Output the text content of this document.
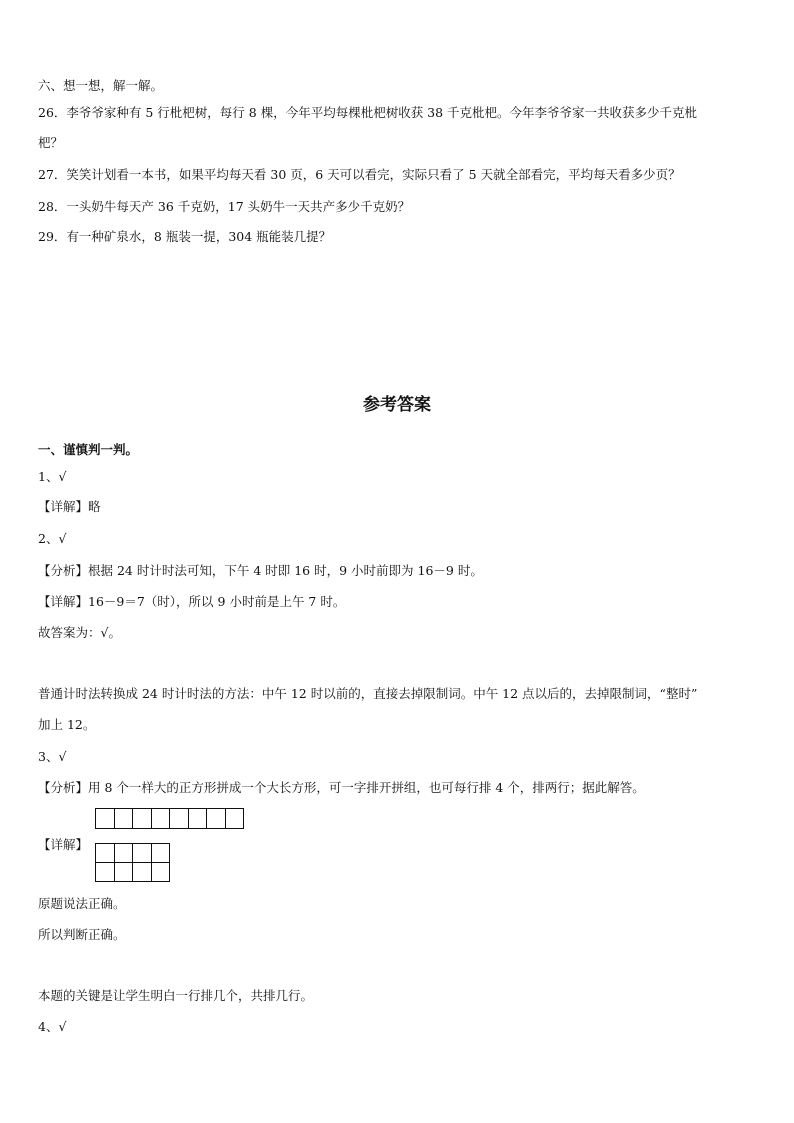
六、想一想，解一解。
26．李爷爷家种有 5 行枇杷树，每行 8 棵，今年平均每棵枇杷树收获 38 千克枇杷。今年李爷爷家一共收获多少千克枇
杷？
27．笑笑计划看一本书，如果平均每天看 30 页，6 天可以看完，实际只看了 5 天就全部看完，平均每天看多少页？
28．一头奶牛每天产 36 千克奶，17 头奶牛一天共产多少千克奶？
29．有一种矿泉水，8 瓶装一提，304 瓶能装几提？
参考答案
一、谨慎判一判。
1、√
【详解】略
2、√
【分析】根据 24 时计时法可知，下午 4 时即 16 时，9 小时前即为 16－9 时。
【详解】16－9＝7（时），所以 9 小时前是上午 7 时。
故答案为：√。
普通计时法转换成 24 时计时法的方法：中午 12 时以前的，直接去掉限制词。中午 12 点以后的，去掉限制词，“整时”
加上 12。
3、√
【分析】用 8 个一样大的正方形拼成一个大长方形，可一字排开拼组，也可每行排 4 个，排两行；据此解答。
【详解】
原题说法正确。
所以判断正确。
本题的关键是让学生明白一行排几个，共排几行。
4、√
